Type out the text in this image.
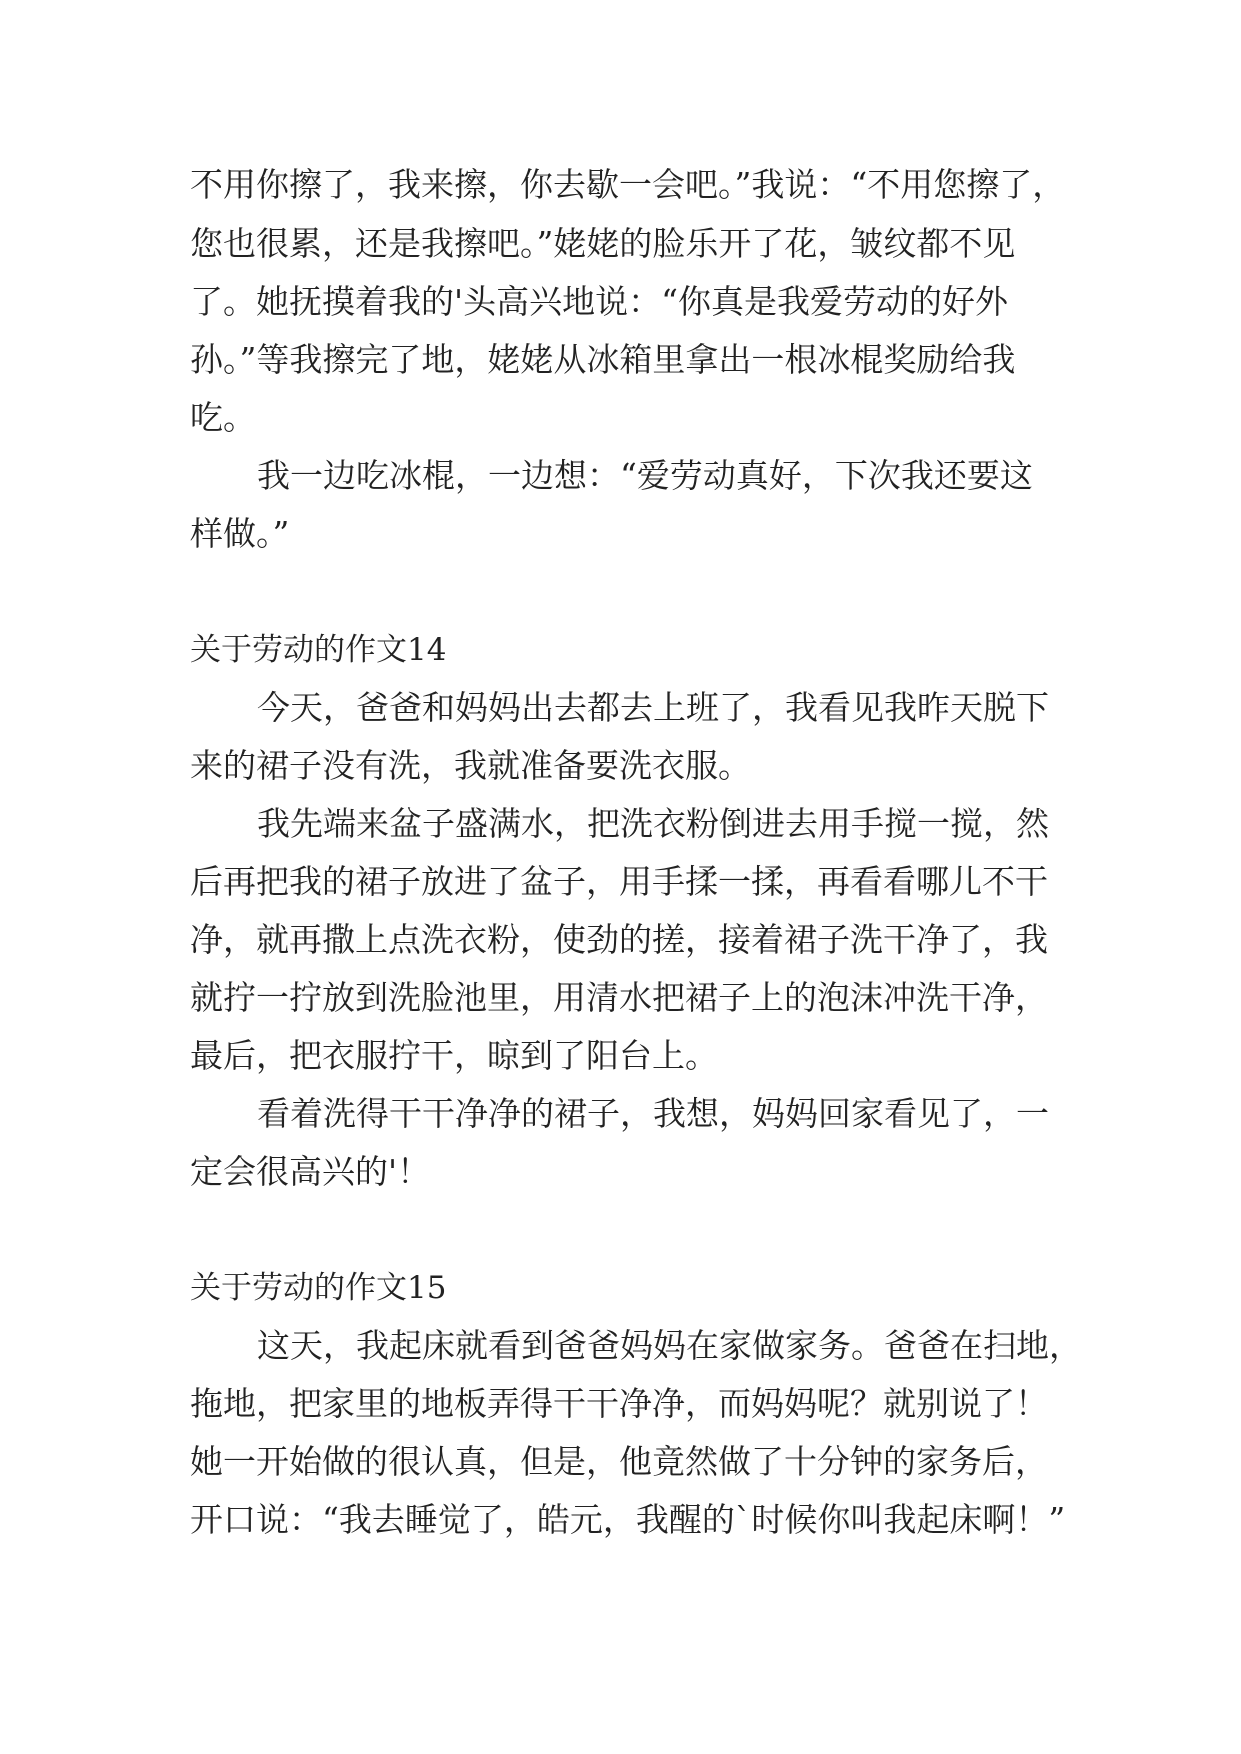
不用你擦了，我来擦，你去歇一会吧。”我说：“不用您擦了，
您也很累，还是我擦吧。”姥姥的脸乐开了花，皱纹都不见
了。她抚摸着我的'头高兴地说：“你真是我爱劳动的好外
孙。”等我擦完了地，姥姥从冰箱里拿出一根冰棍奖励给我
吃。
我一边吃冰棍，一边想：“爱劳动真好，下次我还要这
样做。”
关于劳动的作文14
今天，爸爸和妈妈出去都去上班了，我看见我昨天脱下
来的裙子没有洗，我就准备要洗衣服。
我先端来盆子盛满水，把洗衣粉倒进去用手搅一搅，然
后再把我的裙子放进了盆子，用手揉一揉，再看看哪儿不干
净，就再撒上点洗衣粉，使劲的搓，接着裙子洗干净了，我
就拧一拧放到洗脸池里，用清水把裙子上的泡沫冲洗干净，
最后，把衣服拧干，晾到了阳台上。
看着洗得干干净净的裙子，我想，妈妈回家看见了，一
定会很高兴的'！
关于劳动的作文15
这天，我起床就看到爸爸妈妈在家做家务。爸爸在扫地，
拖地，把家里的地板弄得干干净净，而妈妈呢？就别说了！
她一开始做的很认真，但是，他竟然做了十分钟的家务后，
开口说：“我去睡觉了，皓元，我醒的`时候你叫我起床啊！”
